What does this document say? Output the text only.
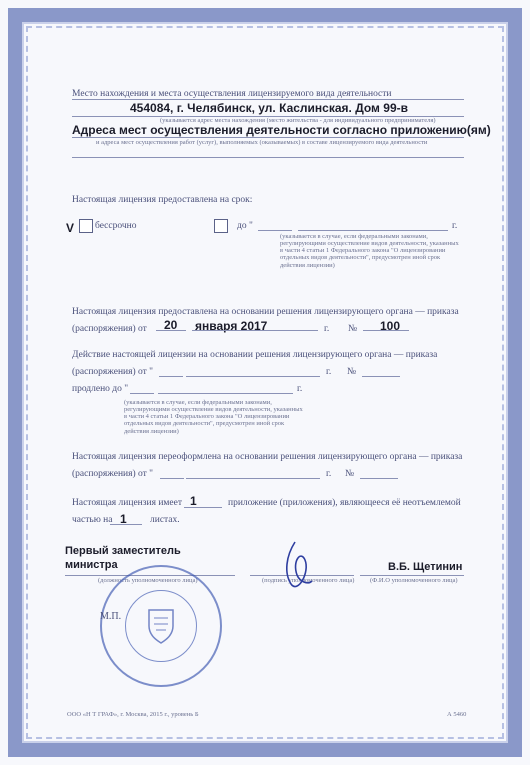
Место нахождения и места осуществления лицензируемого вида деятельности
454084, г. Челябинск, ул. Каслинская. Дом 99-в
(указывается адрес места нахождения (место жительства - для индивидуального предпринимателя)
Адреса мест осуществления деятельности согласно приложению(ям)
и адреса мест осуществления работ (услуг), выполняемых (оказываемых) в составе лицензируемого вида деятельности
Настоящая лицензия предоставлена на срок:
V бессрочно	до "	г.
(указывается в случае, если федеральными законами, регулирующими осуществление видов деятельности, указанных в части 4 статьи 1 Федерального закона "О лицензировании отдельных видов деятельности", предусмотрен иной срок действия лицензии)
Настоящая лицензия предоставлена на основании решения лицензирующего органа — приказа
(распоряжения) от 20 января 2017	г. № 100
Действие настоящей лицензии на основании решения лицензирующего органа — приказа
(распоряжения) от "	г. №
продлено до "	г.
(указывается в случае, если федеральными законами, регулирующими осуществление видов деятельности, указанных в части 4 статьи 1 Федерального закона "О лицензировании отдельных видов деятельности", предусмотрен иной срок действия лицензии)
Настоящая лицензия переоформлена на основании решения лицензирующего органа — приказа
(распоряжения) от "	г. №
Настоящая лицензия имеет 1	приложение (приложения), являющееся её неотъемлемой
частью на 1 листах.
Первый заместитель
министра	В.Б. Щетинин
(должность уполномоченного лица)	(подпись уполномоченного лица) (Ф.И.О уполномоченного лица)
М.П.
ООО «Н Т ГРАФ», г. Москва, 2015 г., уровень Б	А 5460
